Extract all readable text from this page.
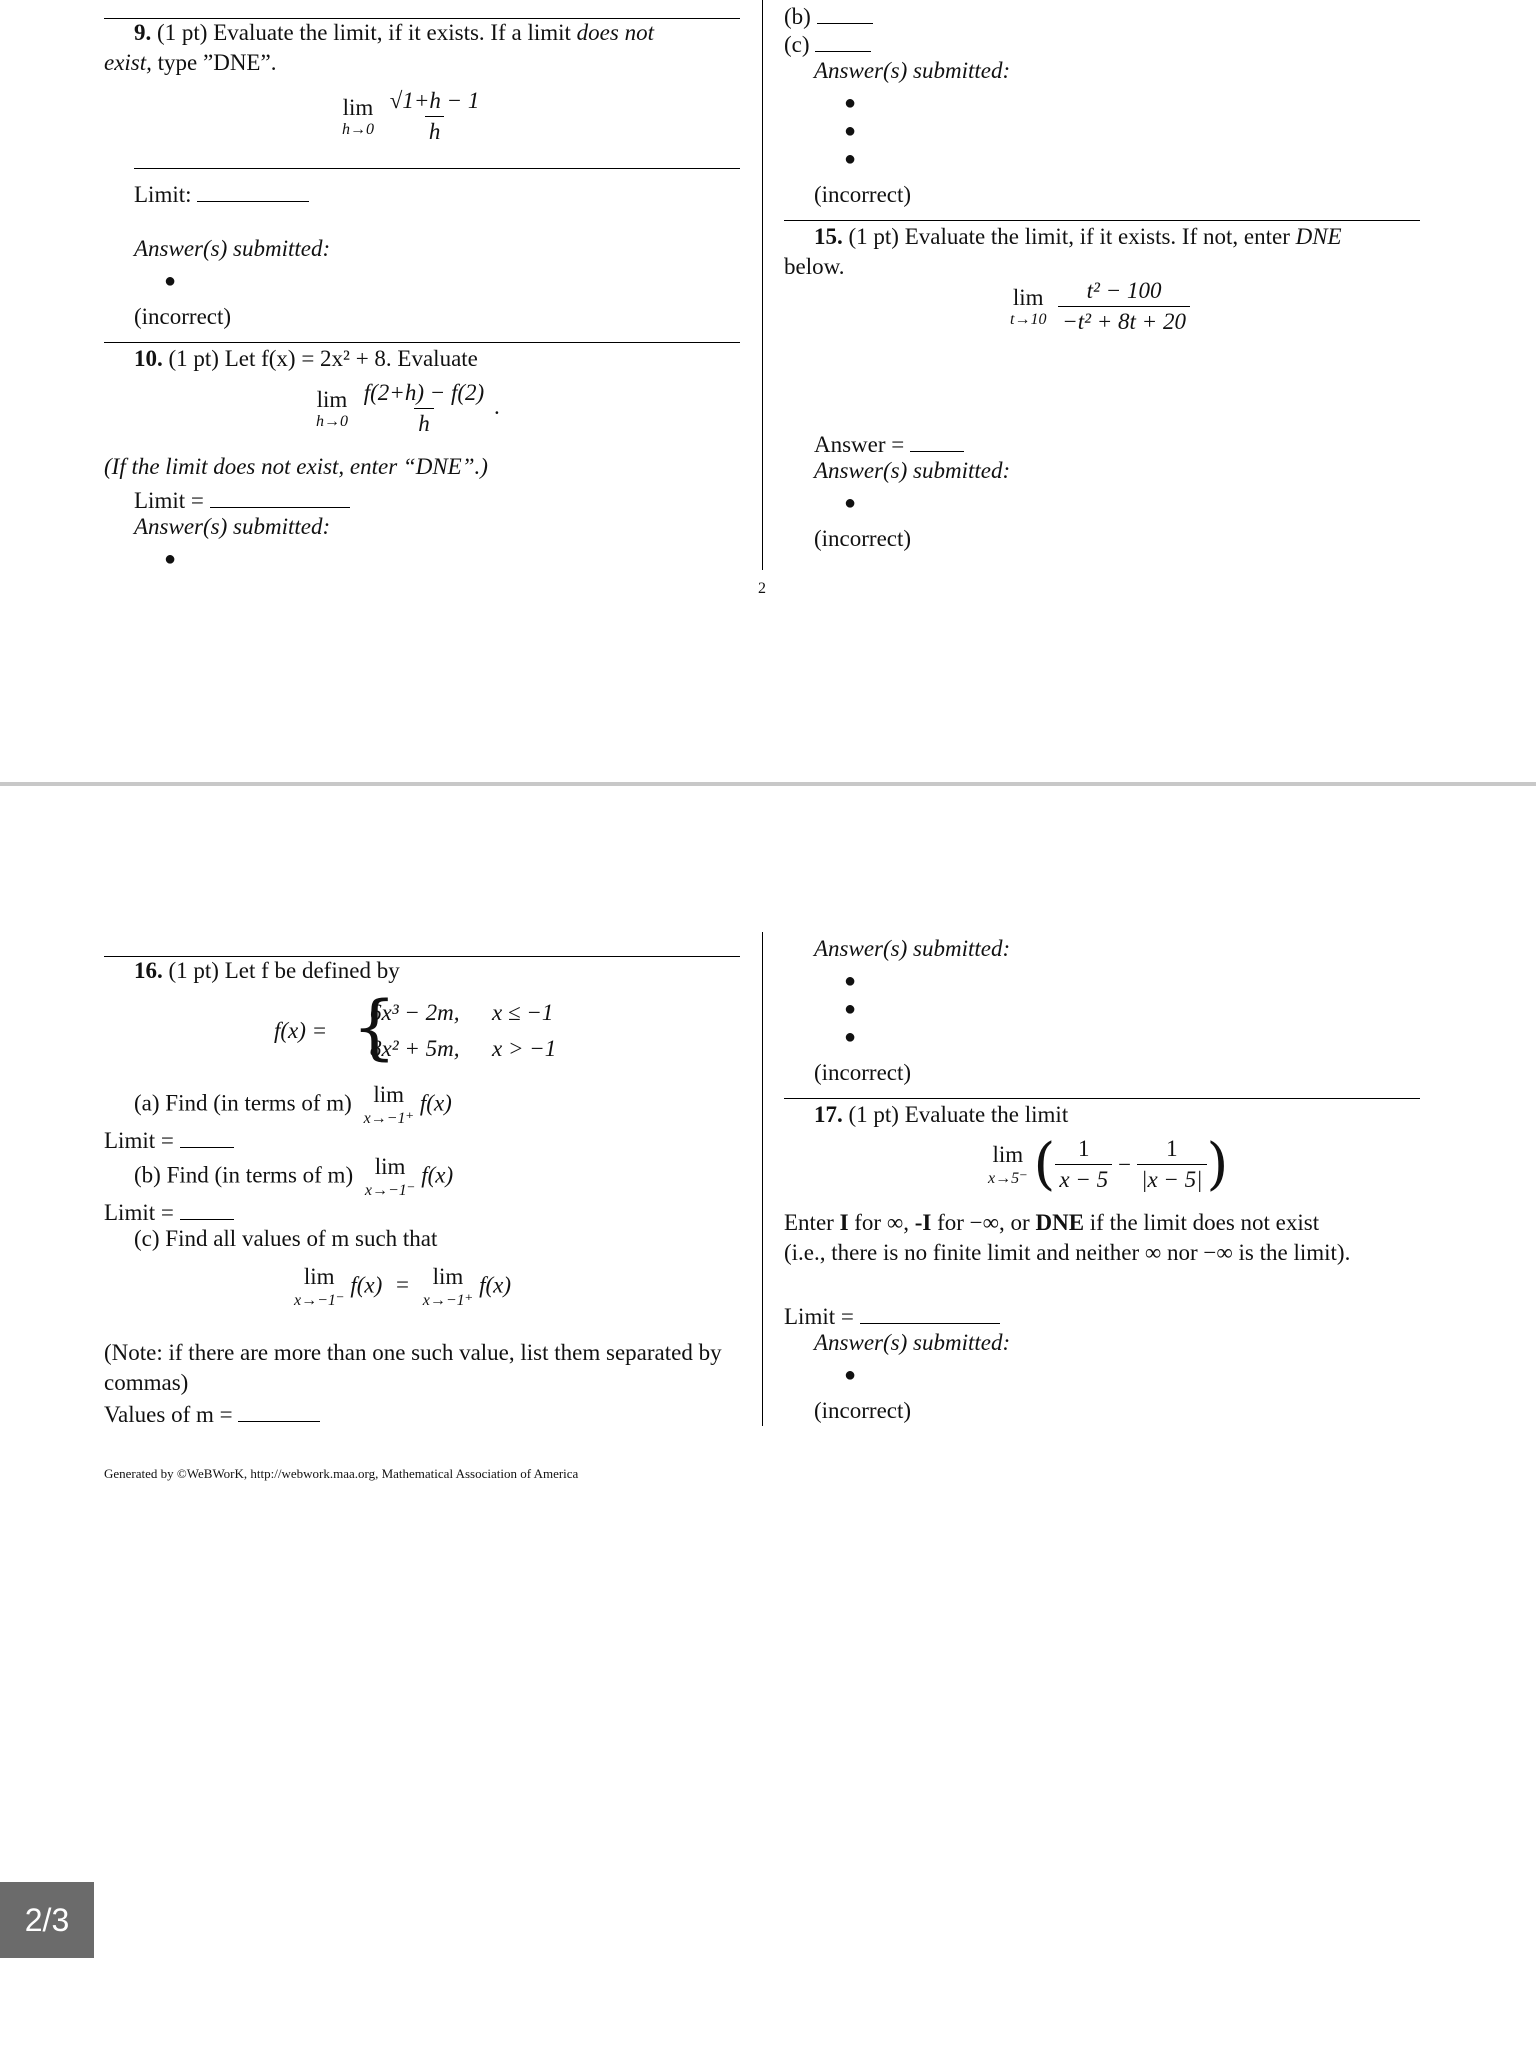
9. (1 pt) Evaluate the limit, if it exists. If a limit does not
exist, type ”DNE”.
lim
h→0
$\frac{√1+h - 1}{h}$
Limit:
Answer(s) submitted:
●
(incorrect)
10. (1 pt) Let f(x) = 2x² + 8. Evaluate
lim
h→0
$\frac{f(2+h) - f(2)}{h}$ .
(If the limit does not exist, enter “DNE”.)
Limit =
Answer(s) submitted:
●
(b)
(c)
Answer(s) submitted:
●
●
●
(incorrect)
15. (1 pt) Evaluate the limit, if it exists. If not, enter DNE
below.
lim
t→10
$\frac{\text{t² − 100}}{\text{−t² + 8t + 20}}$
Answer =
Answer(s) submitted:
●
(incorrect)
2
16. (1 pt) Let f be defined by
f(x) = {
6x³ − 2m, x ≤ −1
8x² + 5m, x > −1
(a) Find (in terms of m) lim
x→−1⁺
f(x)
Limit =
(b) Find (in terms of m) lim
x→−1⁻
f(x)
Limit =
(c) Find all values of m such that
lim
x→−1⁻
f(x) = lim
x→−1⁺
f(x)
(Note: if there are more than one such value, list them separated by commas)
Values of m =
Answer(s) submitted:
●
●
●
(incorrect)
17. (1 pt) Evaluate the limit
lim
x→5⁻ ( $\frac{1}{x - 5} - \frac{1}{|x - 5|}$ )
Enter I for ∞, -I for −∞, or DNE if the limit does not exist
(i.e., there is no finite limit and neither ∞ nor −∞ is the limit).
Limit =
Answer(s) submitted:
●
(incorrect)
Generated by ©WeBWorK, http://webwork.maa.org, Mathematical Association of America
2/3
